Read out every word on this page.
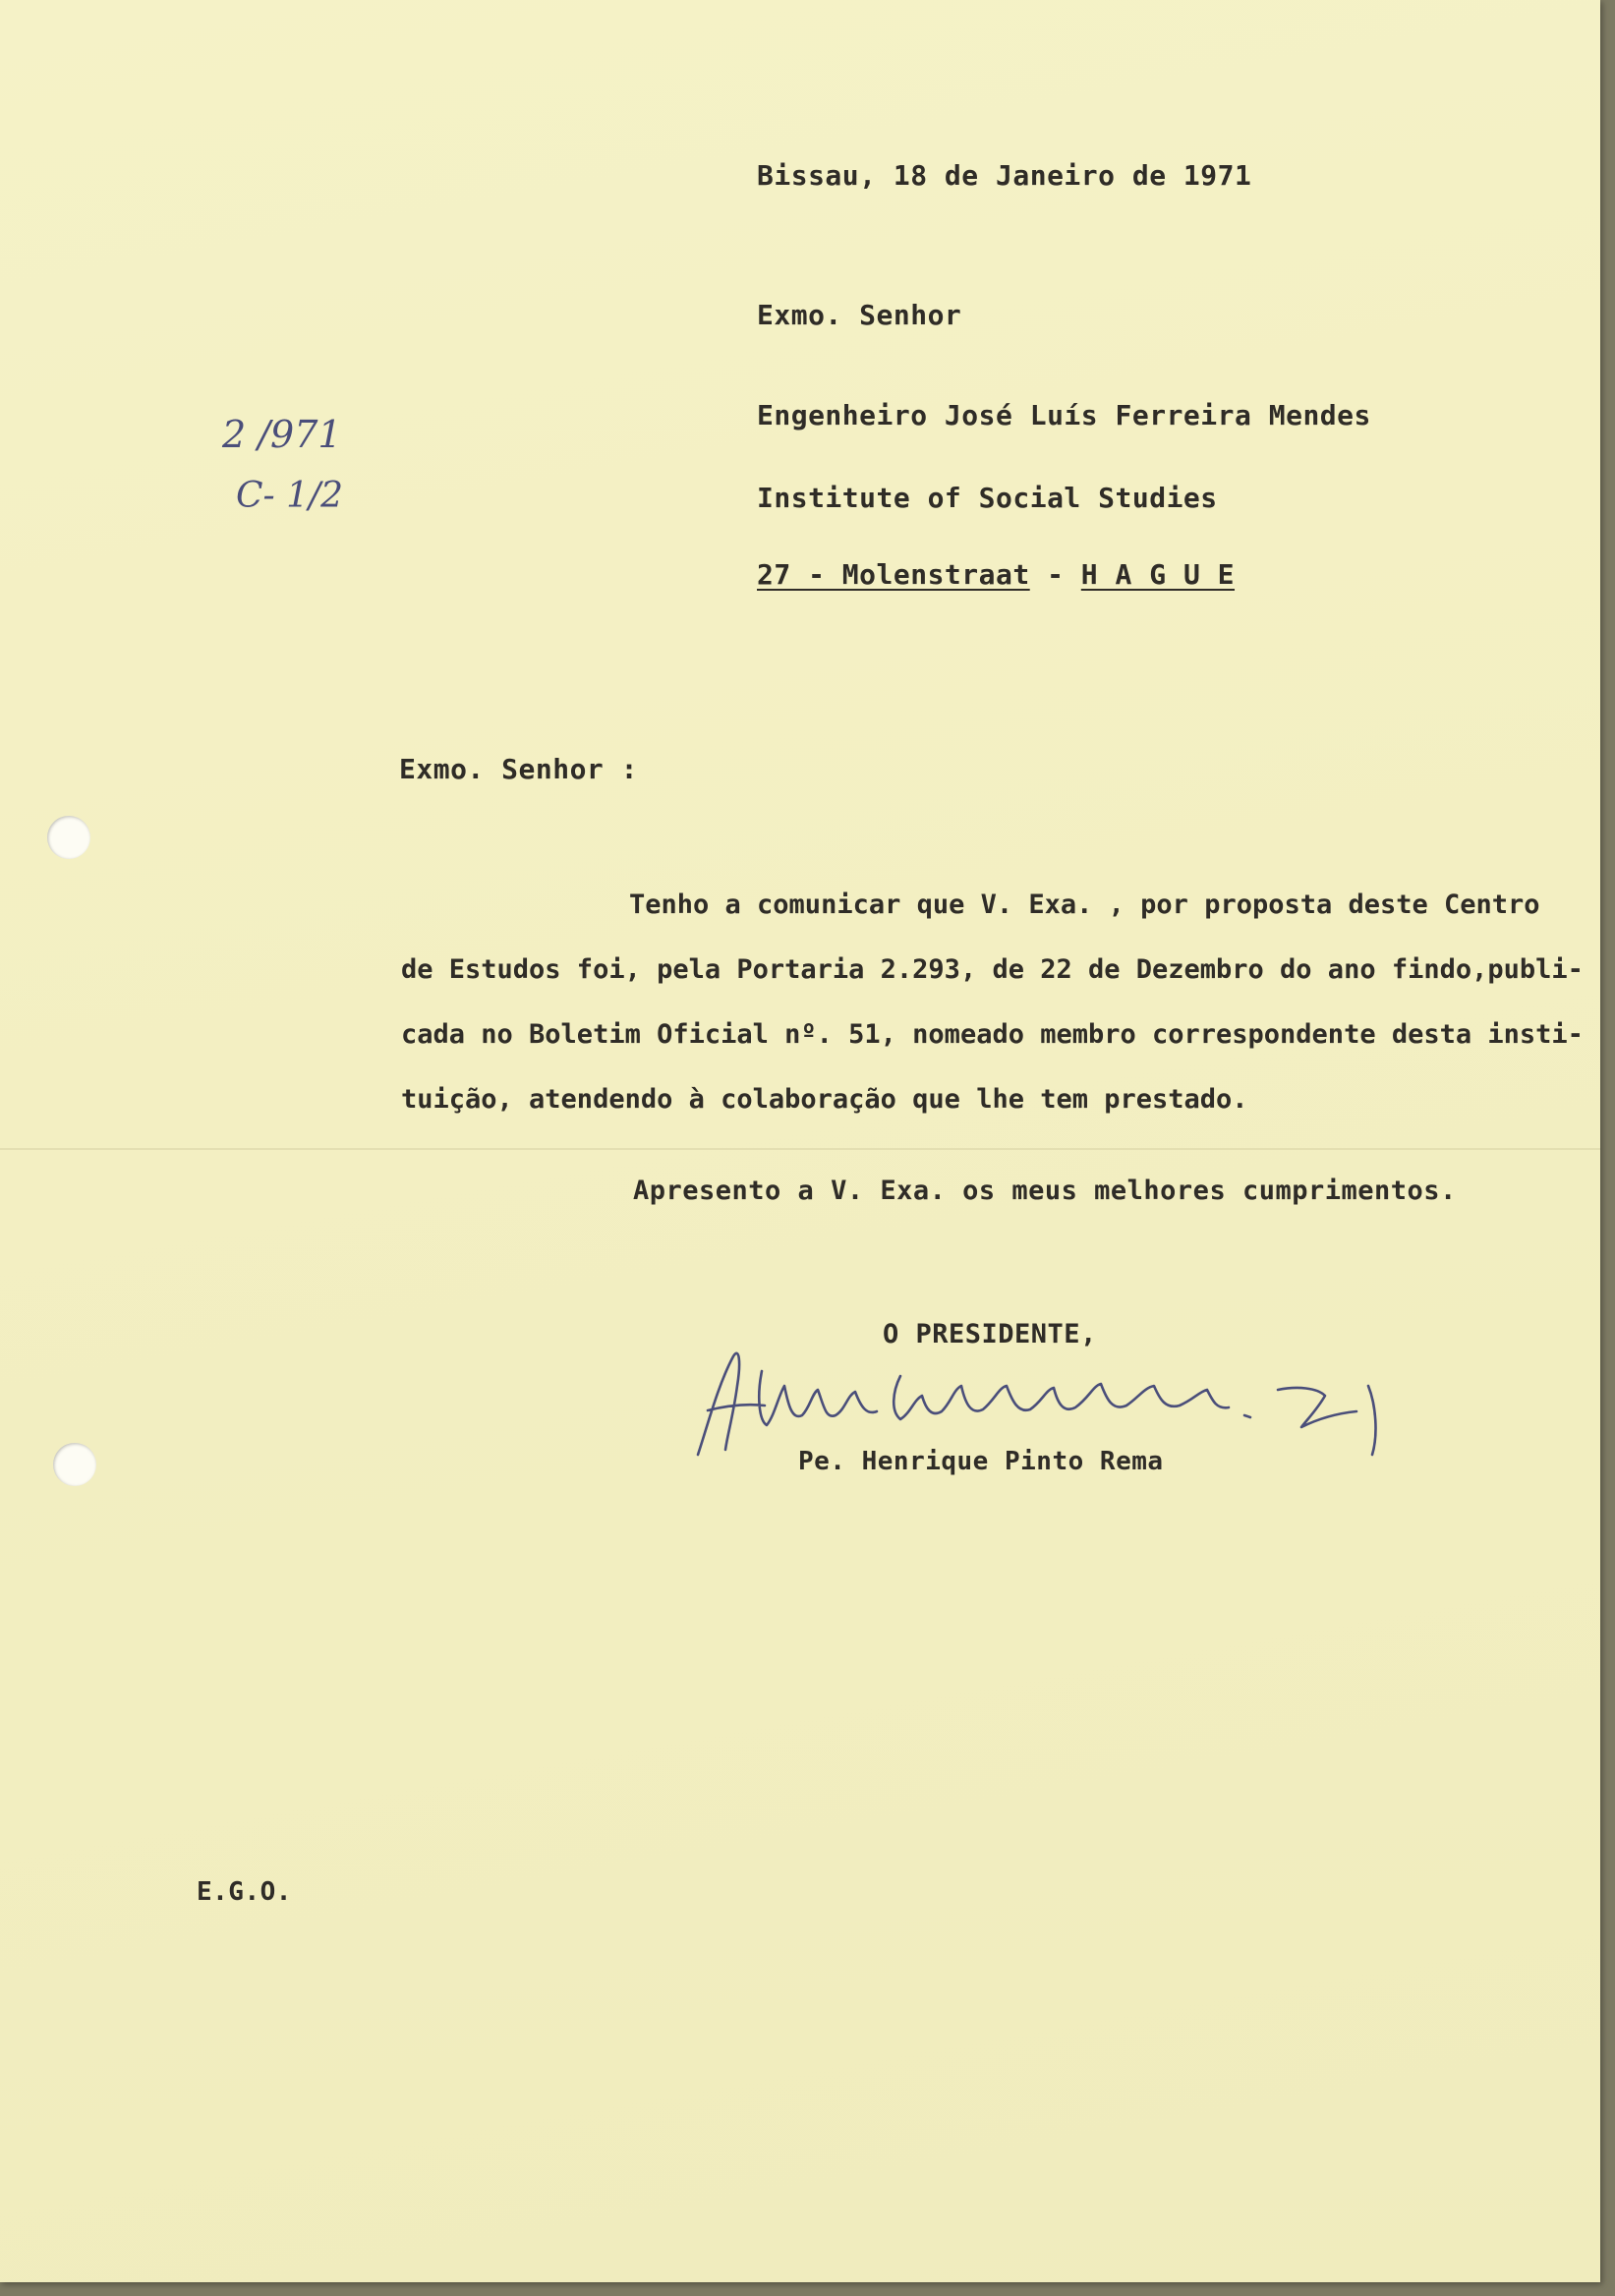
Bissau, 18 de Janeiro de 1971
Exmo. Senhor
Engenheiro José Luís Ferreira Mendes
Institute of Social Studies
27 - Molenstraat - H A G U E
2 /971
C- 1/2
Exmo. Senhor :
Tenho a comunicar que V. Exa. , por proposta deste Centro
de Estudos foi, pela Portaria 2.293, de 22 de Dezembro do ano findo,publi-
cada no Boletim Oficial nº. 51, nomeado membro correspondente desta insti-
tuição, atendendo à colaboração que lhe tem prestado.
Apresento a V. Exa. os meus melhores cumprimentos.
O PRESIDENTE,
Pe. Henrique Pinto Rema
E.G.O.
